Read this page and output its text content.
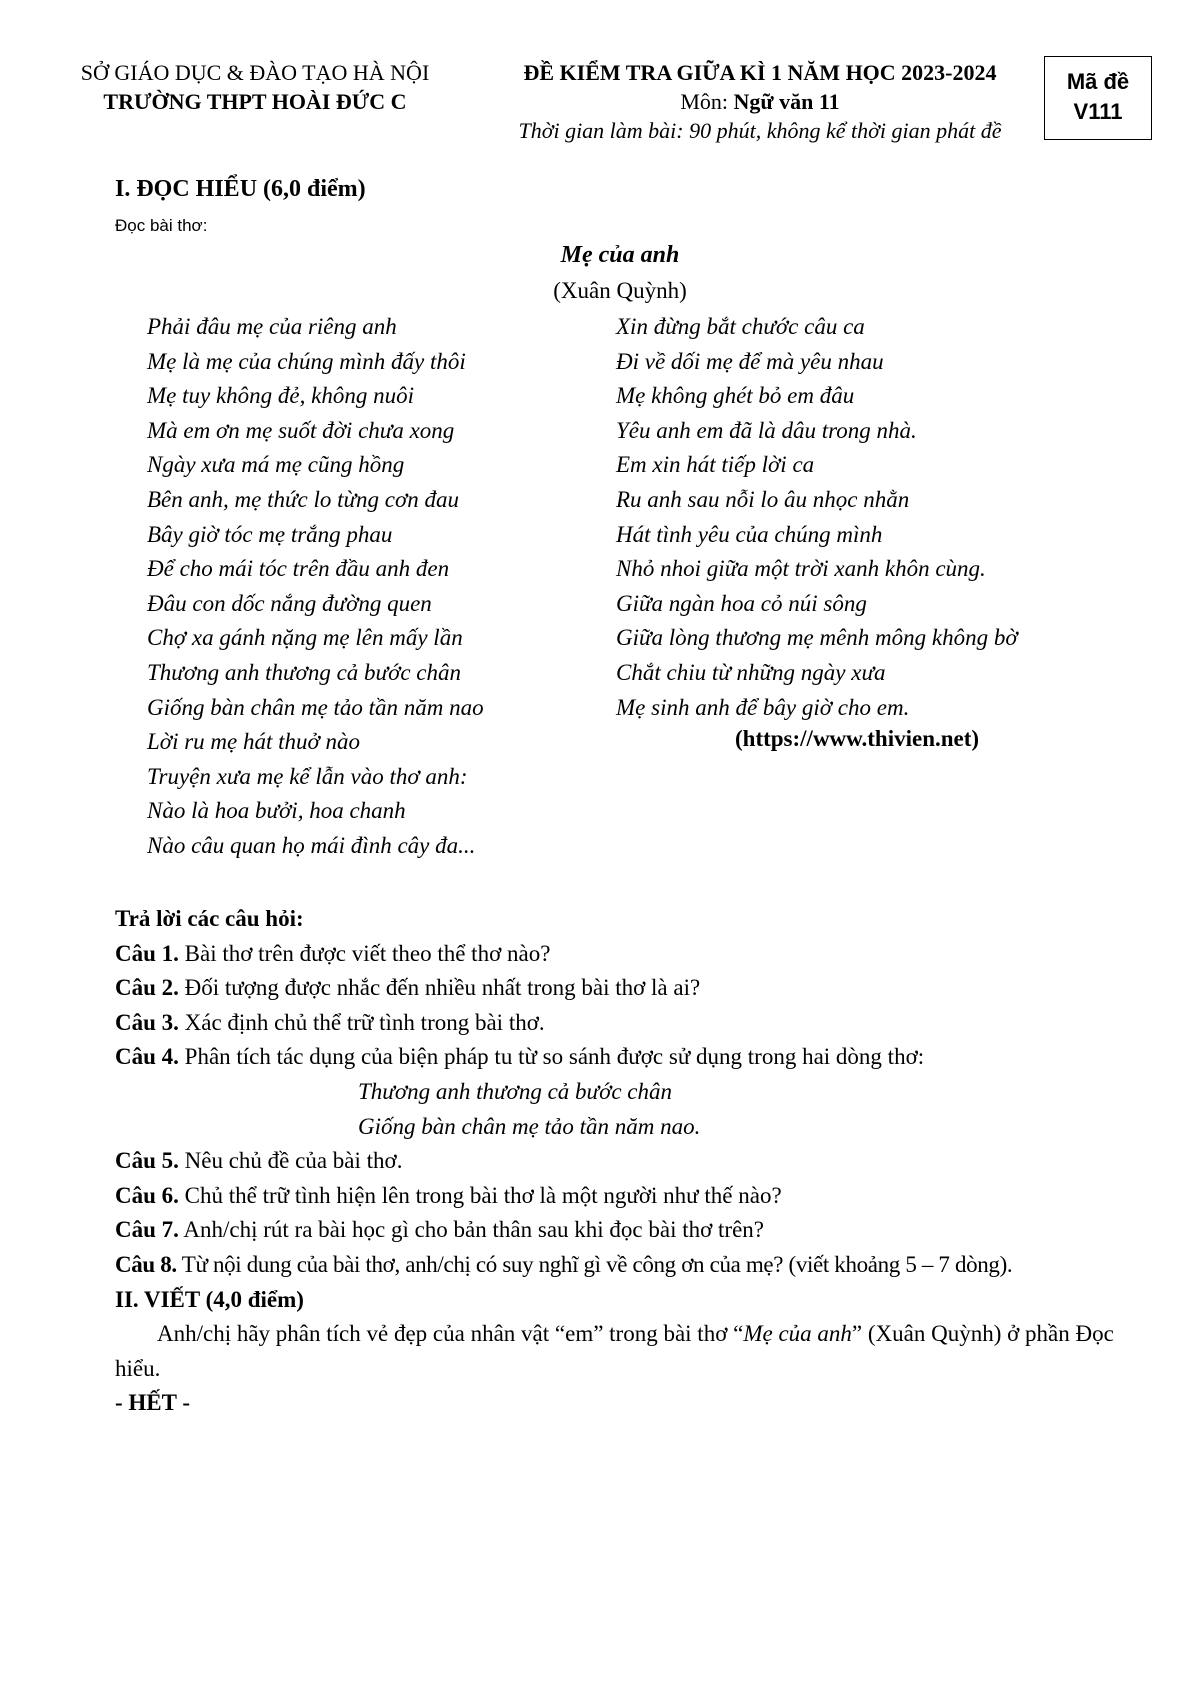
SỞ GIÁO DỤC & ĐÀO TẠO HÀ NỘI
TRƯỜNG THPT HOÀI ĐỨC C
ĐỀ KIỂM TRA GIỮA KÌ 1 NĂM HỌC 2023-2024
Môn: Ngữ văn 11
Thời gian làm bài: 90 phút, không kể thời gian phát đề
Mã đề
V111
I. ĐỌC HIỂU (6,0 điểm)
Đọc bài thơ:
Mẹ của anh
(Xuân Quỳnh)
Phải đâu mẹ của riêng anh
Mẹ là mẹ của chúng mình đấy thôi
Mẹ tuy không đẻ, không nuôi
Mà em ơn mẹ suốt đời chưa xong
Ngày xưa má mẹ cũng hồng
Bên anh, mẹ thức lo từng cơn đau
Bây giờ tóc mẹ trắng phau
Để cho mái tóc trên đầu anh đen
Đâu con dốc nắng đường quen
Chợ xa gánh nặng mẹ lên mấy lần
Thương anh thương cả bước chân
Giống bàn chân mẹ tảo tần năm nao
Lời ru mẹ hát thuở nào
Truyện xưa mẹ kể lẫn vào thơ anh:
Nào là hoa bưởi, hoa chanh
Nào câu quan họ mái đình cây đa...
Xin đừng bắt chước câu ca
Đi về dối mẹ để mà yêu nhau
Mẹ không ghét bỏ em đâu
Yêu anh em đã là dâu trong nhà.
Em xin hát tiếp lời ca
Ru anh sau nỗi lo âu nhọc nhằn
Hát tình yêu của chúng mình
Nhỏ nhoi giữa một trời xanh khôn cùng.
Giữa ngàn hoa cỏ núi sông
Giữa lòng thương mẹ mênh mông không bờ
Chắt chiu từ những ngày xưa
Mẹ sinh anh để bây giờ cho em.
(https://www.thivien.net)
Trả lời các câu hỏi:
Câu 1. Bài thơ trên được viết theo thể thơ nào?
Câu 2. Đối tượng được nhắc đến nhiều nhất trong bài thơ là ai?
Câu 3. Xác định chủ thể trữ tình trong bài thơ.
Câu 4. Phân tích tác dụng của biện pháp tu từ so sánh được sử dụng trong hai dòng thơ:
Thương anh thương cả bước chân
Giống bàn chân mẹ tảo tần năm nao.
Câu 5. Nêu chủ đề của bài thơ.
Câu 6. Chủ thể trữ tình hiện lên trong bài thơ là một người như thế nào?
Câu 7. Anh/chị rút ra bài học gì cho bản thân sau khi đọc bài thơ trên?
Câu 8. Từ nội dung của bài thơ, anh/chị có suy nghĩ gì về công ơn của mẹ? (viết khoảng 5 – 7 dòng).
II. VIẾT (4,0 điểm)
Anh/chị hãy phân tích vẻ đẹp của nhân vật “em” trong bài thơ “Mẹ của anh” (Xuân Quỳnh) ở phần Đọc hiểu.
- HẾT -
